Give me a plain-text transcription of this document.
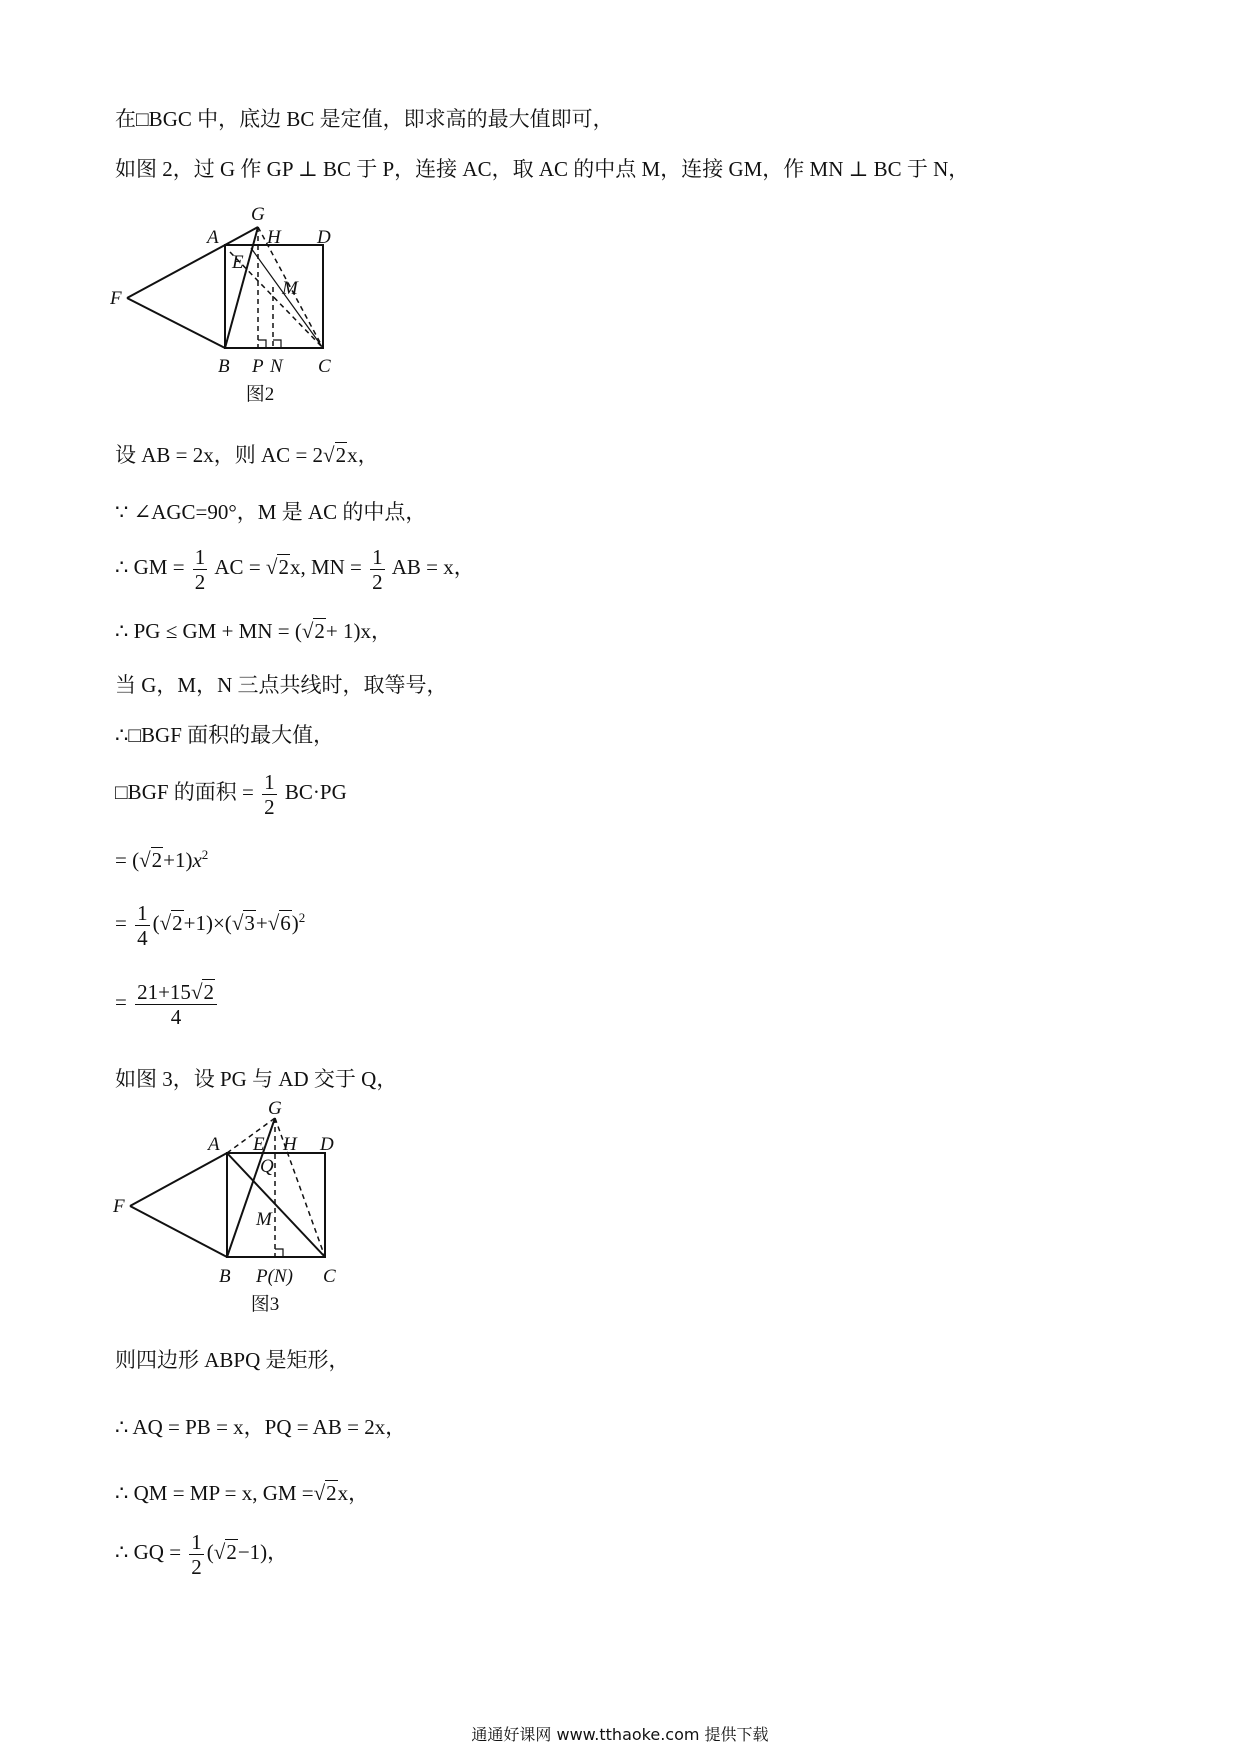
在□BGC 中，底边 BC 是定值，即求高的最大值即可，
如图 2，过 G 作 GP ⊥ BC 于 P，连接 AC，取 AC 的中点 M，连接 GM，作 MN ⊥ BC 于 N，
G
A	H D
E
F	M
B P N C
图2
设 AB = 2x，则 AC = 2√2x，
∵ ∠AGC=90°，M 是 AC 的中点，
∴ GM = $\frac{1}{2}$ AC = √2x, MN = $\frac{1}{2}$ AB = x，
∴ PG ≤ GM + MN = (√2+ 1)x，
当 G，M，N 三点共线时，取等号，
∴□BGF 面积的最大值，
□BGF 的面积 = $\frac{1}{2} BC\cdot PG$
= $(√2+1)x^2$
= $\frac{1}{4} (√2+1)\times(√3+√6)^2$
= $\frac{21+15√2}{4}$
如图 3，设 PG 与 AD 交于 Q，
G
A E H D
Q
F
M
B P(N) C
图3
则四边形 ABPQ 是矩形，
∴ AQ = PB = x，PQ = AB = 2x，
∴ QM = MP = x, GM =√2x，
∴ GQ = $\frac{1}{2} (√2-1)$，
通通好课网 www.tthaoke.com 提供下载
